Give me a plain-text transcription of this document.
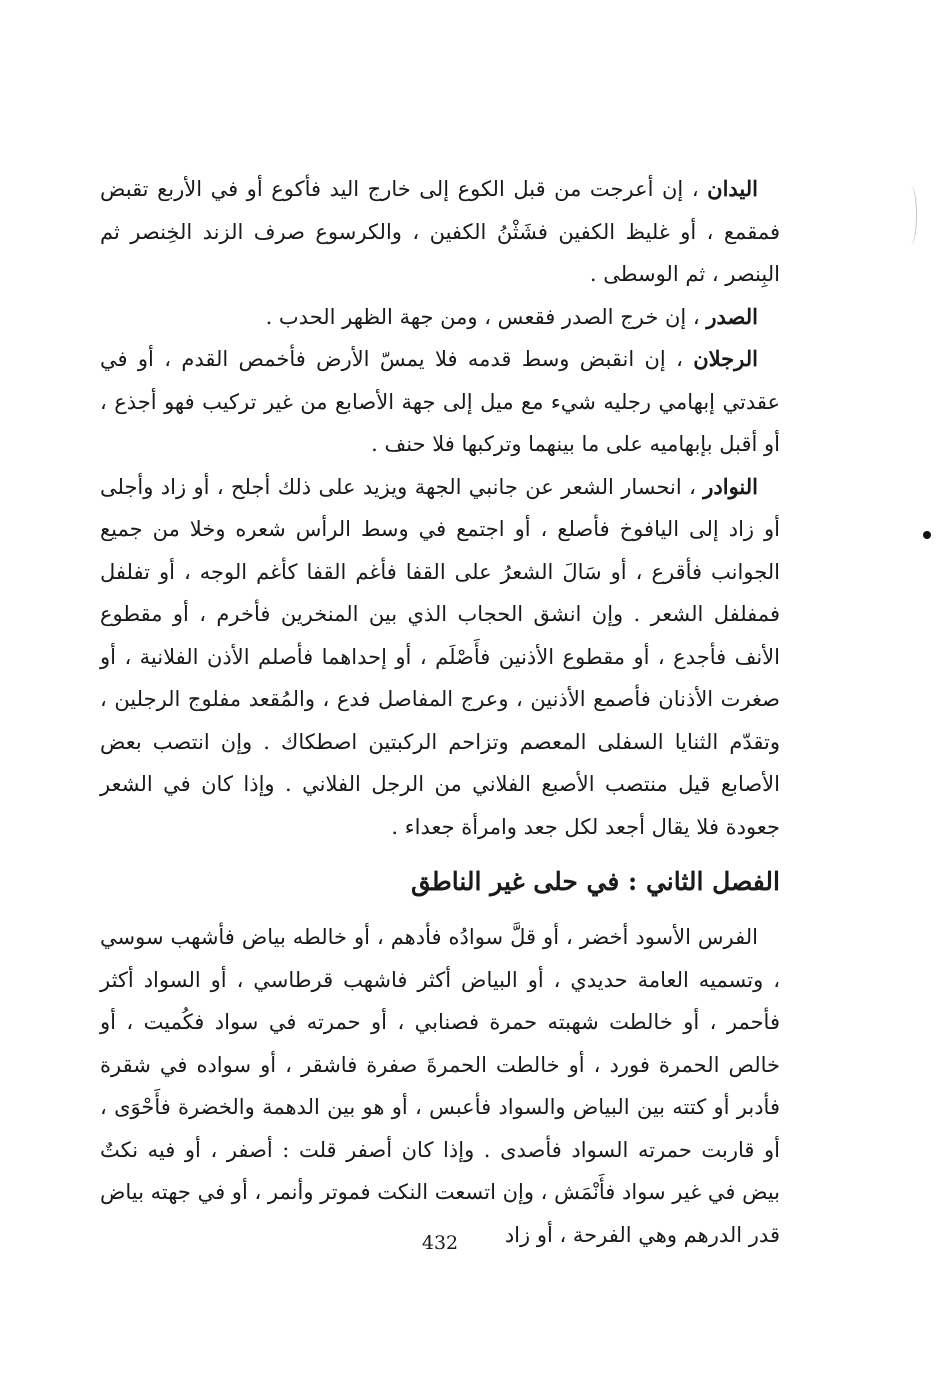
اليدان ، إن أعرجت من قبل الكوع إلى خارج اليد فأكوع أو في الأربع تقبض فمقمع ، أو غليظ الكفين فشَثْنُ الكفين ، والكرسوع صرف الزند الخِنصر ثم البِنصر ، ثم الوسطى .

الصدر ، إن خرج الصدر فقعس ، ومن جهة الظهر الحدب .

الرجلان ، إن انقبض وسط قدمه فلا يمسّ الأرض فأخمص القدم ، أو في عقدتي إبهامي رجليه شيء مع ميل إلى جهة الأصابع من غير تركيب فهو أجذع ، أو أقبل بإبهاميه على ما بينهما وتركبها فلا حنف .

النوادر ، انحسار الشعر عن جانبي الجهة ويزيد على ذلك أجلح ، أو زاد وأجلى أو زاد إلى اليافوخ فأصلع ، أو اجتمع في وسط الرأس شعره وخلا من جميع الجوانب فأقرع ، أو سَالَ الشعرُ على القفا فأغم القفا كأغم الوجه ، أو تفلفل فمفلفل الشعر . وإن انشق الحجاب الذي بين المنخرين فأخرم ، أو مقطوع الأنف فأجدع ، أو مقطوع الأذنين فأَصْلَم ، أو إحداهما فأصلم الأذن الفلانية ، أو صغرت الأذنان فأصمع الأذنين ، وعرج المفاصل فدع ، والمُقعد مفلوج الرجلين ، وتقدّم الثنايا السفلى المعصم وتزاحم الركبتين اصطكاك . وإن انتصب بعض الأصابع قيل منتصب الأصبع الفلاني من الرجل الفلاني . وإذا كان في الشعر جعودة فلا يقال أجعد لكل جعد وامرأة جعداء .

الفصل الثاني : في حلى غير الناطق

الفرس الأسود أخضر ، أو قلَّ سوادُه فأدهم ، أو خالطه بياض فأشهب سوسي ، وتسميه العامة حديدي ، أو البياض أكثر فاشهب قرطاسي ، أو السواد أكثر فأحمر ، أو خالطت شهبته حمرة فصنابي ، أو حمرته في سواد فكُميت ، أو خالص الحمرة فورد ، أو خالطت الحمرةَ صفرة فاشقر ، أو سواده في شقرة فأدبر أو كتته بين البياض والسواد فأعبس ، أو هو بين الدهمة والخضرة فأَحْوَى ، أو قاربت حمرته السواد فأصدى . وإذا كان أصفر قلت : أصفر ، أو فيه نكتٌ بيض في غير سواد فأَنْمَش ، وإن اتسعت النكت فموتر وأنمر ، أو في جهته بياض قدر الدرهم وهي الفرحة ، أو زاد

432
